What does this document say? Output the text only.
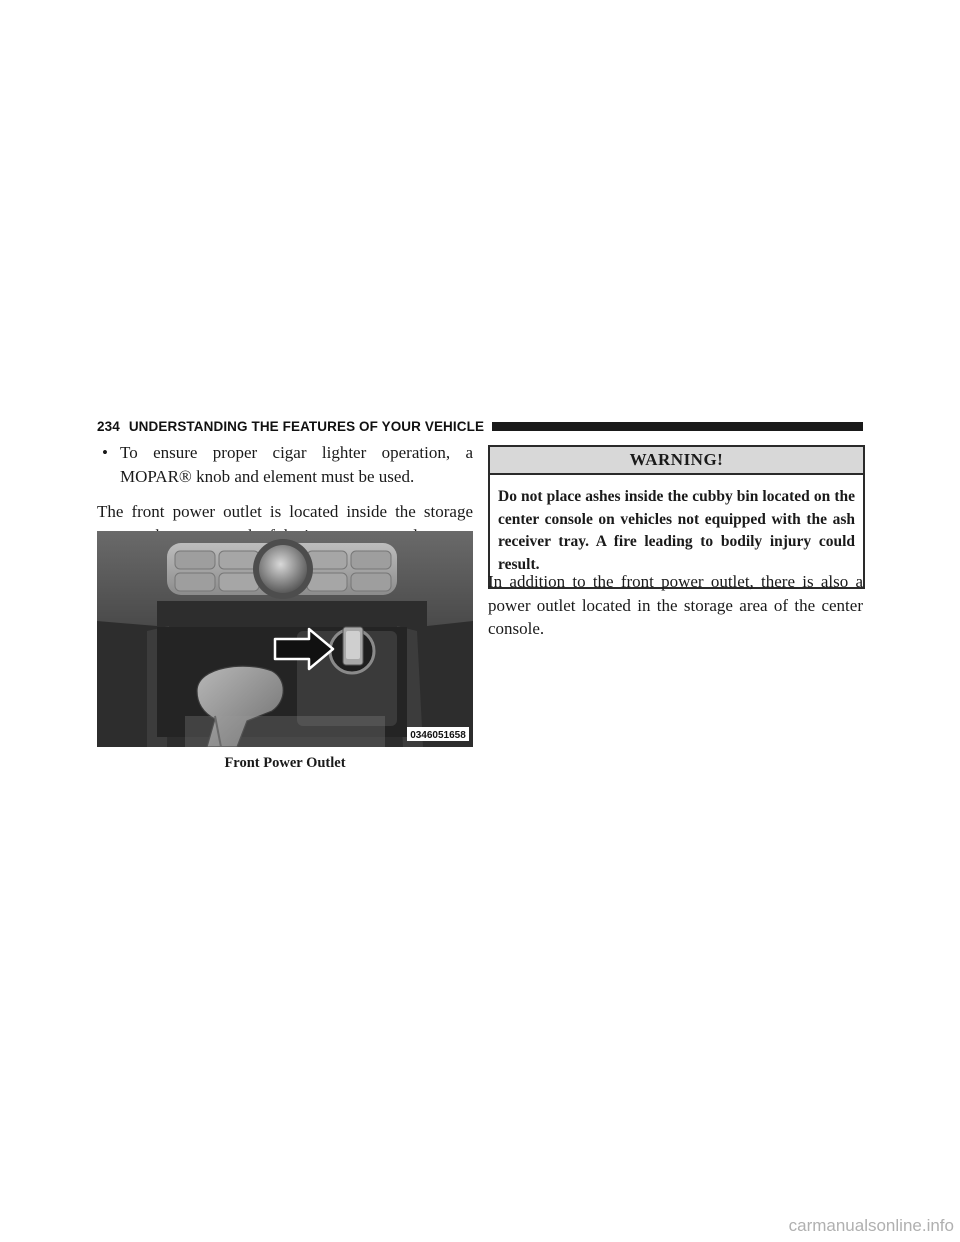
234 UNDERSTANDING THE FEATURES OF YOUR VEHICLE
• To ensure proper cigar lighter operation, a MOPAR® knob and element must be used.
The front power outlet is located inside the storage
0346051658
Front Power Outlet
WARNING!
Do not place ashes inside the cubby bin located on the center console on vehicles not equipped with the ash receiver tray. A fire leading to bodily injury could result.
In addition to the front power outlet, there is also a power outlet located in the storage area of the center console.
carmanualsonline.info
